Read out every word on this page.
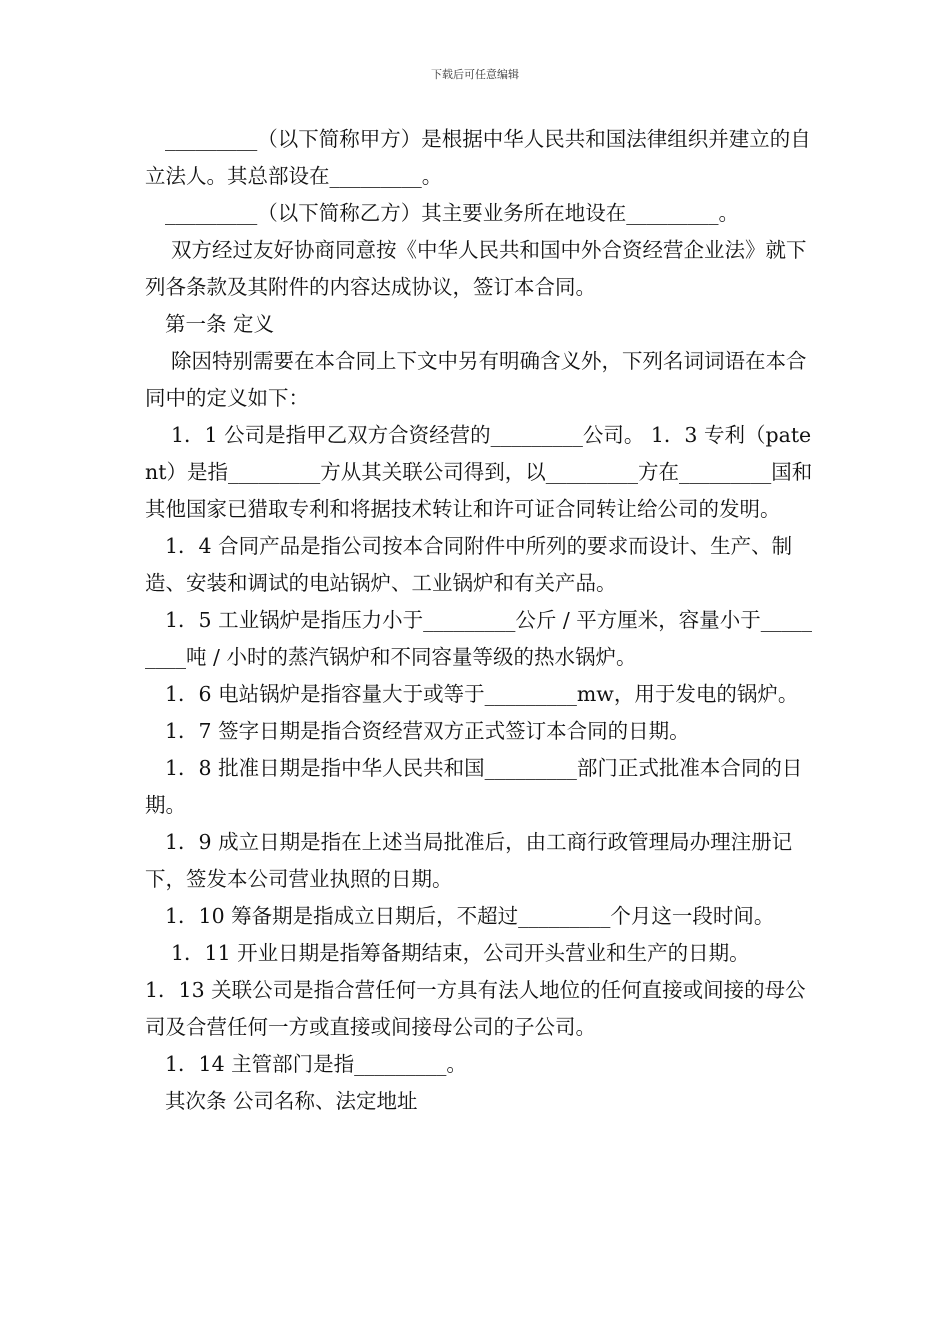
下载后可任意编辑

_________（以下简称甲方）是根据中华人民共和国法律组织并建立的自立法人。其总部设在_________。

_________（以下简称乙方）其主要业务所在地设在_________。

双方经过友好协商同意按《中华人民共和国中外合资经营企业法》就下列各条款及其附件的内容达成协议，签订本合同。

第一条 定义

除因特别需要在本合同上下文中另有明确含义外，下列名词词语在本合同中的定义如下：

1．1 公司是指甲乙双方合资经营的_________公司。 1．3 专利（patent）是指_________方从其关联公司得到，以_________方在_________国和其他国家已猎取专利和将据技术转让和许可证合同转让给公司的发明。

1．4 合同产品是指公司按本合同附件中所列的要求而设计、生产、制造、安装和调试的电站锅炉、工业锅炉和有关产品。

1．5 工业锅炉是指压力小于_________公斤 / 平方厘米，容量小于_________吨 / 小时的蒸汽锅炉和不同容量等级的热水锅炉。

1．6 电站锅炉是指容量大于或等于_________mw，用于发电的锅炉。

1．7 签字日期是指合资经营双方正式签订本合同的日期。

1．8 批准日期是指中华人民共和国_________部门正式批准本合同的日期。

1．9 成立日期是指在上述当局批准后，由工商行政管理局办理注册记下，签发本公司营业执照的日期。

1．10 筹备期是指成立日期后，不超过_________个月这一段时间。

1．11 开业日期是指筹备期结束，公司开头营业和生产的日期。

1．13 关联公司是指合营任何一方具有法人地位的任何直接或间接的母公司及合营任何一方或直接或间接母公司的子公司。

1．14 主管部门是指_________。

其次条 公司名称、法定地址
